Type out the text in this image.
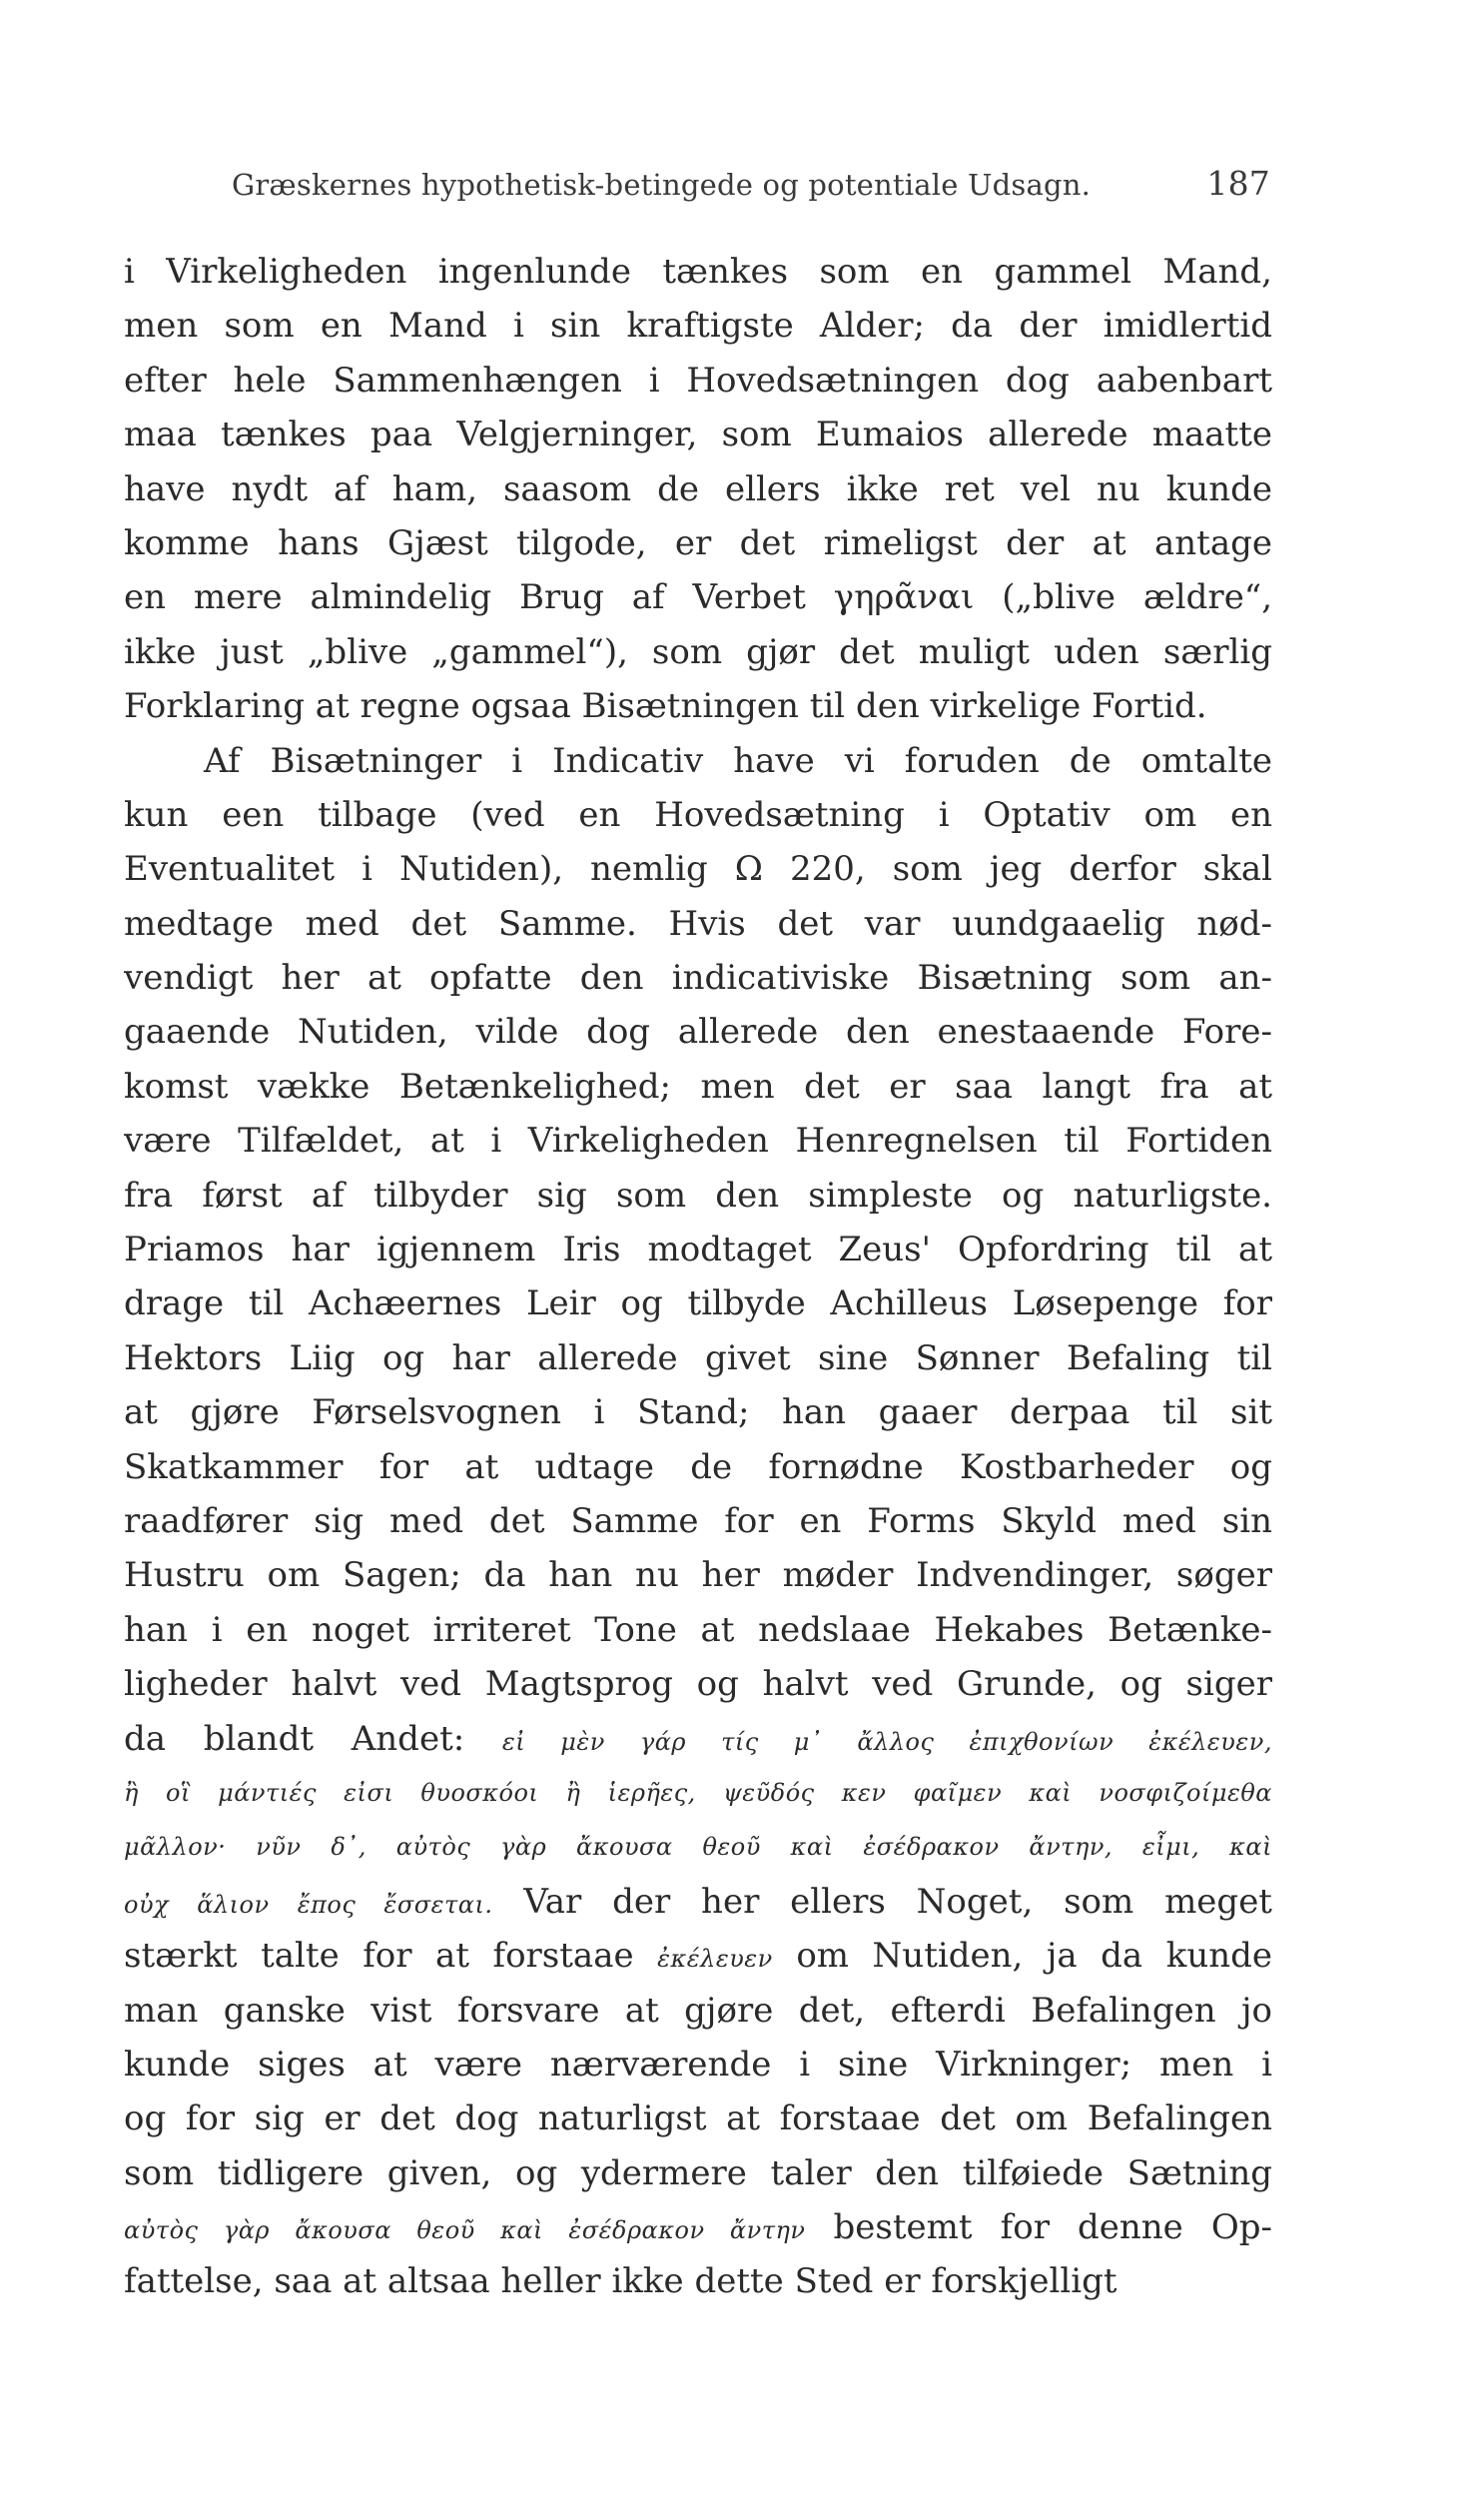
Græskernes hypothetisk-betingede og potentiale Udsagn.	187
i Virkeligheden ingenlunde tænkes som en gammel Mand,
men som en Mand i sin kraftigste Alder; da der imidlertid
efter hele Sammenhængen i Hovedsætningen dog aabenbart
maa tænkes paa Velgjerninger, som Eumaios allerede maatte
have nydt af ham, saasom de ellers ikke ret vel nu kunde
komme hans Gjæst tilgode, er det rimeligst der at antage
en mere almindelig Brug af Verbet γηρᾶναι („blive ældre“,
ikke just „blive „gammel“), som gjør det muligt uden særlig
Forklaring at regne ogsaa Bisætningen til den virkelige Fortid.
Af Bisætninger i Indicativ have vi foruden de omtalte
kun een tilbage (ved en Hovedsætning i Optativ om en
Eventualitet i Nutiden), nemlig Ω 220, som jeg derfor skal
medtage med det Samme. Hvis det var uundgaaelig nød-
vendigt her at opfatte den indicativiske Bisætning som an-
gaaende Nutiden, vilde dog allerede den enestaaende Fore-
komst vække Betænkelighed; men det er saa langt fra at
være Tilfældet, at i Virkeligheden Henregnelsen til Fortiden
fra først af tilbyder sig som den simpleste og naturligste.
Priamos har igjennem Iris modtaget Zeus' Opfordring til at
drage til Achæernes Leir og tilbyde Achilleus Løsepenge for
Hektors Liig og har allerede givet sine Sønner Befaling til
at gjøre Førselsvognen i Stand; han gaaer derpaa til sit
Skatkammer for at udtage de fornødne Kostbarheder og
raadfører sig med det Samme for en Forms Skyld med sin
Hustru om Sagen; da han nu her møder Indvendinger, søger
han i en noget irriteret Tone at nedslaae Hekabes Betænke-
ligheder halvt ved Magtsprog og halvt ved Grunde, og siger
da blandt Andet: εἰ μὲν γάρ τίς μ᾽ ἄλλος ἐπιχθονίων ἐκέλευεν,
ἢ οἳ μάντιές εἰσι θυοσκόοι ἢ ἱερῆες, ψεῦδός κεν φαῖμεν καὶ νοσφιζοίμεθα
μᾶλλον· νῦν δ᾽, αὐτὸς γὰρ ἄκουσα θεοῦ καὶ ἐσέδρακον ἄντην, εἶμι, καὶ
οὐχ ἅλιον ἔπος ἔσσεται. Var der her ellers Noget, som meget
stærkt talte for at forstaae ἐκέλευεν om Nutiden, ja da kunde
man ganske vist forsvare at gjøre det, efterdi Befalingen jo
kunde siges at være nærværende i sine Virkninger; men i
og for sig er det dog naturligst at forstaae det om Befalingen
som tidligere given, og ydermere taler den tilføiede Sætning
αὐτὸς γὰρ ἄκουσα θεοῦ καὶ ἐσέδρακον ἄντην bestemt for denne Op-
fattelse, saa at altsaa heller ikke dette Sted er forskjelligt
